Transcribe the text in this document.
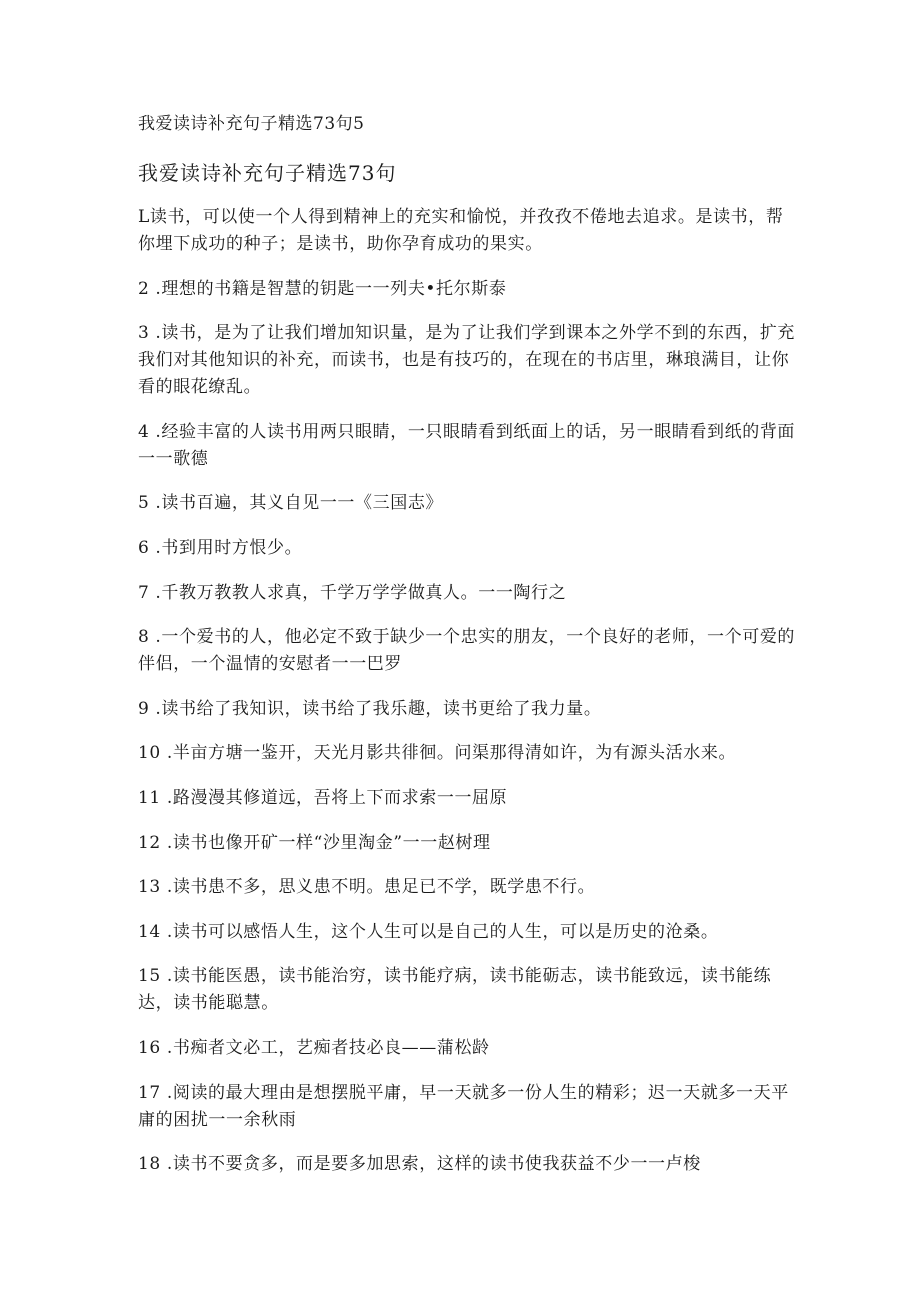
我爱读诗补充句子精选73句5
我爱读诗补充句子精选73句
L读书，可以使一个人得到精神上的充实和愉悦，并孜孜不倦地去追求。是读书，帮你埋下成功的种子；是读书，助你孕育成功的果实。
2 .理想的书籍是智慧的钥匙一一列夫•托尔斯泰
3 .读书，是为了让我们增加知识量，是为了让我们学到课本之外学不到的东西，扩充我们对其他知识的补充，而读书，也是有技巧的，在现在的书店里，琳琅满目，让你看的眼花缭乱。
4 .经验丰富的人读书用两只眼睛，一只眼睛看到纸面上的话，另一眼睛看到纸的背面一一歌德
5 .读书百遍，其义自见一一《三国志》
6 .书到用时方恨少。
7 .千教万教教人求真，千学万学学做真人。一一陶行之
8 .一个爱书的人，他必定不致于缺少一个忠实的朋友，一个良好的老师，一个可爱的伴侣，一个温情的安慰者一一巴罗
9 .读书给了我知识，读书给了我乐趣，读书更给了我力量。
10 .半亩方塘一鉴开，天光月影共徘徊。问渠那得清如许，为有源头活水来。
11 .路漫漫其修道远，吾将上下而求索一一屈原
12 .读书也像开矿一样“沙里淘金”一一赵树理
13 .读书患不多，思义患不明。患足已不学，既学患不行。
14 .读书可以感悟人生，这个人生可以是自己的人生，可以是历史的沧桑。
15 .读书能医愚，读书能治穷，读书能疗病，读书能砺志，读书能致远，读书能练达，读书能聪慧。
16 .书痴者文必工，艺痴者技必良——蒲松龄
17 .阅读的最大理由是想摆脱平庸，早一天就多一份人生的精彩；迟一天就多一天平庸的困扰一一余秋雨
18 .读书不要贪多，而是要多加思索，这样的读书使我获益不少一一卢梭
